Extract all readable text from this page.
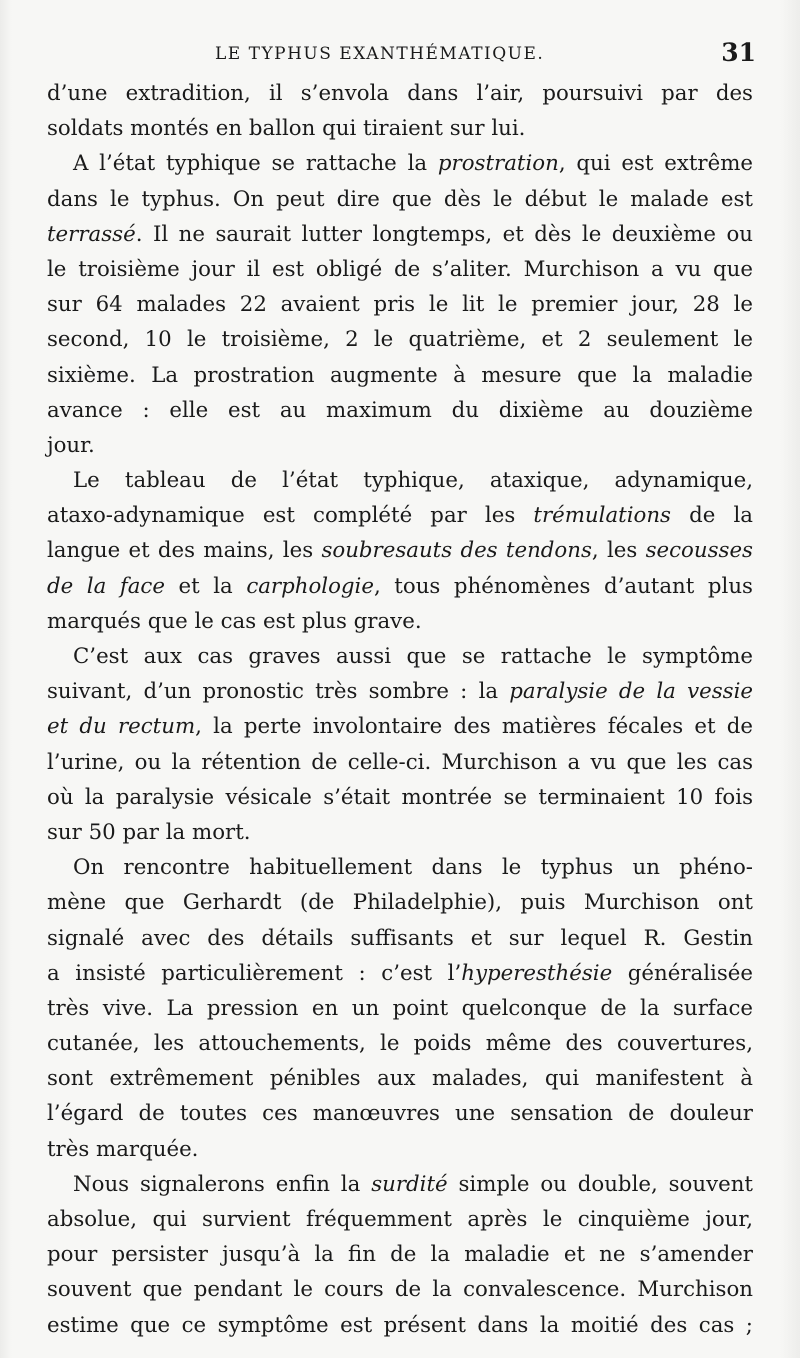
LE TYPHUS EXANTHÉMATIQUE.	31
d’une extradition, il s’envola dans l’air, poursuivi par des
soldats montés en ballon qui tiraient sur lui.
A l’état typhique se rattache la prostration, qui est extrême
dans le typhus. On peut dire que dès le début le malade est
terrassé. Il ne saurait lutter longtemps, et dès le deuxième ou
le troisième jour il est obligé de s’aliter. Murchison a vu que
sur 64 malades 22 avaient pris le lit le premier jour, 28 le
second, 10 le troisième, 2 le quatrième, et 2 seulement le
sixième. La prostration augmente à mesure que la maladie
avance : elle est au maximum du dixième au douzième
jour.
Le tableau de l’état typhique, ataxique, adynamique,
ataxo-adynamique est complété par les trémulations de la
langue et des mains, les soubresauts des tendons, les secousses
de la face et la carphologie, tous phénomènes d’autant plus
marqués que le cas est plus grave.
C’est aux cas graves aussi que se rattache le symptôme
suivant, d’un pronostic très sombre : la paralysie de la vessie
et du rectum, la perte involontaire des matières fécales et de
l’urine, ou la rétention de celle-ci. Murchison a vu que les cas
où la paralysie vésicale s’était montrée se terminaient 10 fois
sur 50 par la mort.
On rencontre habituellement dans le typhus un phéno-
mène que Gerhardt (de Philadelphie), puis Murchison ont
signalé avec des détails suffisants et sur lequel R. Gestin
a insisté particulièrement : c’est l’hyperesthésie généralisée
très vive. La pression en un point quelconque de la surface
cutanée, les attouchements, le poids même des couvertures,
sont extrêmement pénibles aux malades, qui manifestent à
l’égard de toutes ces manœuvres une sensation de douleur
très marquée.
Nous signalerons enfin la surdité simple ou double, souvent
absolue, qui survient fréquemment après le cinquième jour,
pour persister jusqu’à la fin de la maladie et ne s’amender
souvent que pendant le cours de la convalescence. Murchison
estime que ce symptôme est présent dans la moitié des cas ;
